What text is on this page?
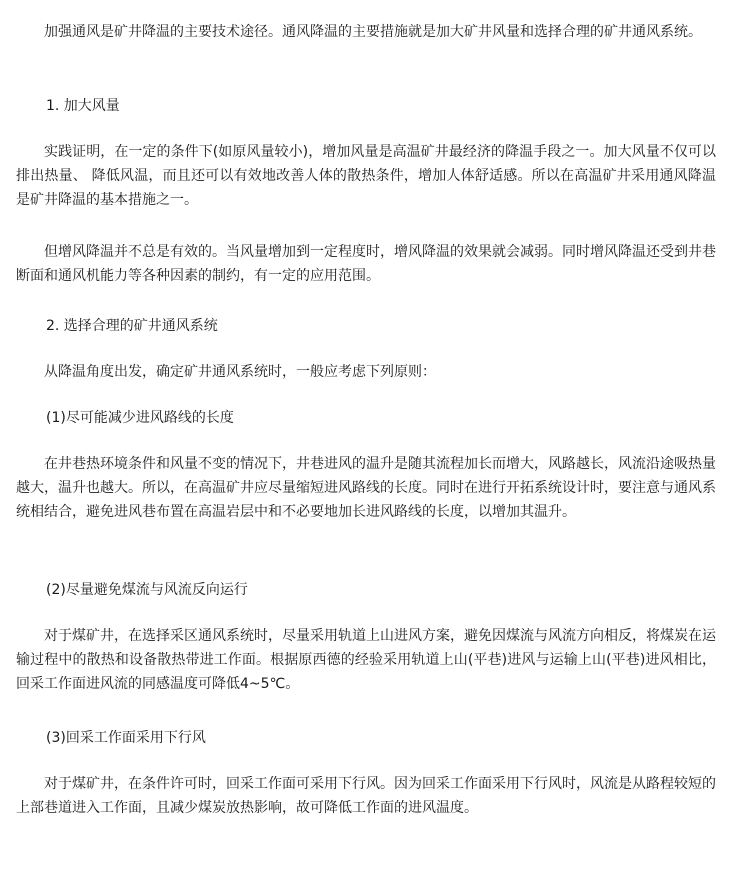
加强通风是矿井降温的主要技术途径。通风降温的主要措施就是加大矿井风量和选择合理的矿井通风系统。

1. 加大风量

实践证明，在一定的条件下(如原风量较小)，增加风量是高温矿井最经济的降温手段之一。加大风量不仅可以排出热量、 降低风温，而且还可以有效地改善人体的散热条件，增加人体舒适感。所以在高温矿井采用通风降温是矿井降温的基本措施之一。

但增风降温并不总是有效的。当风量增加到一定程度时，增风降温的效果就会减弱。同时增风降温还受到井巷断面和通风机能力等各种因素的制约，有一定的应用范围。

2. 选择合理的矿井通风系统

从降温角度出发，确定矿井通风系统时，一般应考虑下列原则：

(1)尽可能减少进风路线的长度

在井巷热环境条件和风量不变的情况下，井巷进风的温升是随其流程加长而增大，风路越长，风流沿途吸热量越大，温升也越大。所以，在高温矿井应尽量缩短进风路线的长度。同时在进行开拓系统设计时，要注意与通风系统相结合，避免进风巷布置在高温岩层中和不必要地加长进风路线的长度，以增加其温升。

(2)尽量避免煤流与风流反向运行

对于煤矿井，在选择采区通风系统时，尽量采用轨道上山进风方案，避免因煤流与风流方向相反，将煤炭在运输过程中的散热和设备散热带进工作面。根据原西德的经验采用轨道上山(平巷)进风与运输上山(平巷)进风相比，回采工作面进风流的同感温度可降低4~5℃。

(3)回采工作面采用下行风

对于煤矿井，在条件许可时，回采工作面可采用下行风。因为回采工作面采用下行风时，风流是从路程较短的上部巷道进入工作面，且减少煤炭放热影响，故可降低工作面的进风温度。
